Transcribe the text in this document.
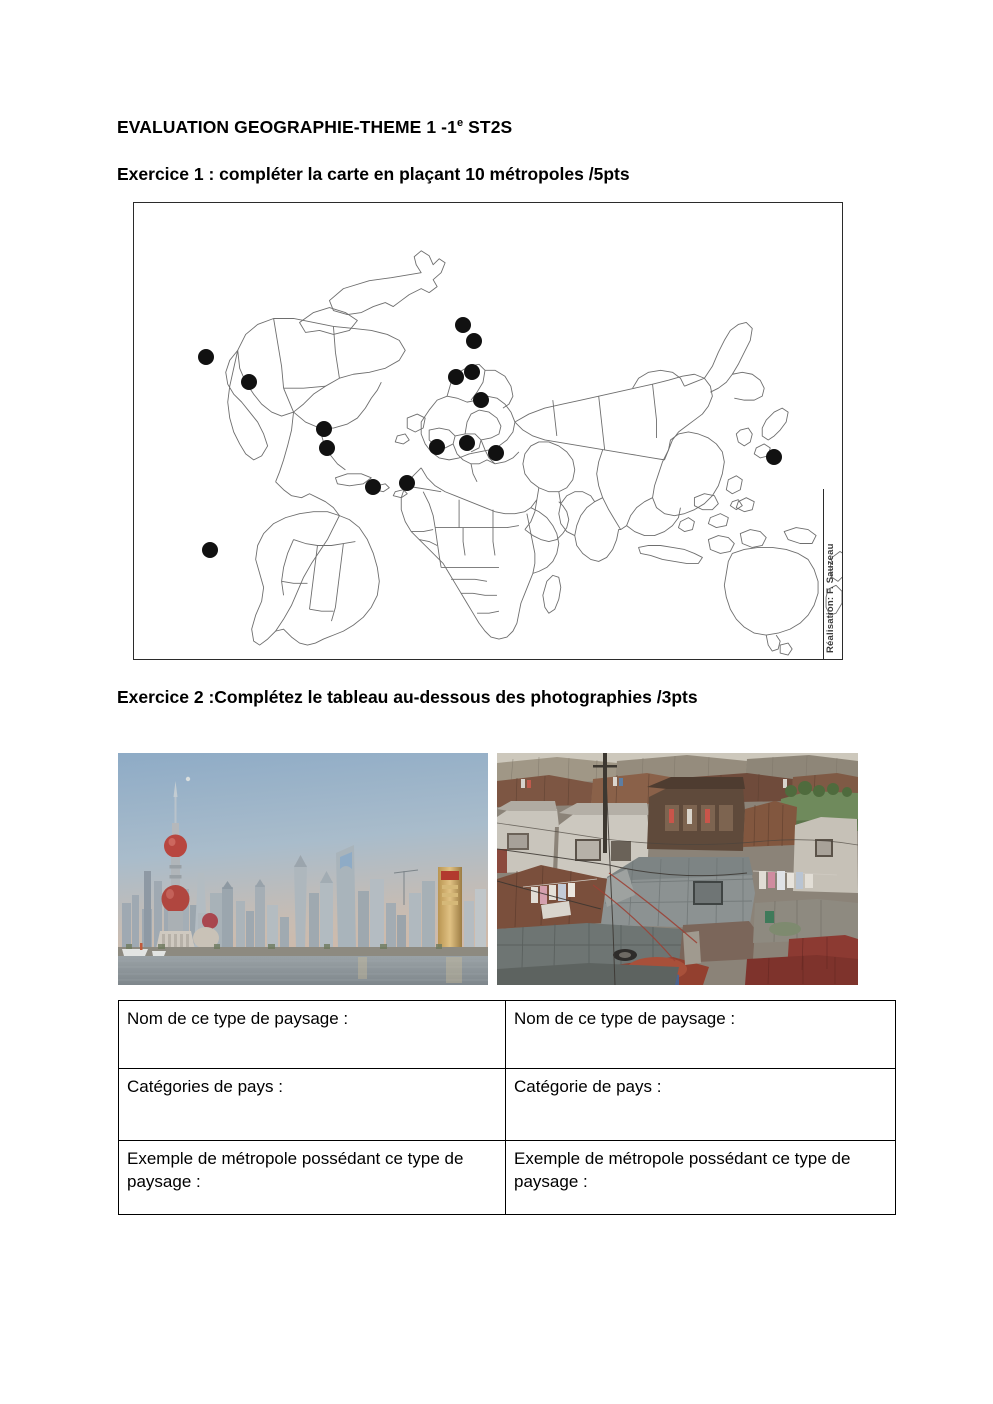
EVALUATION GEOGRAPHIE-THEME 1 -1e ST2S
Exercice 1 : compléter la carte en plaçant 10 métropoles /5pts
Réalisation: F. Sauzeau
Exercice 2 :Complétez le tableau au-dessous des photographies /3pts
Nom de ce type de paysage :	Nom de ce type de paysage :
Catégories de pays :	Catégorie de pays :
Exemple de métropole possédant ce type de paysage :	Exemple de métropole possédant ce type de paysage :
